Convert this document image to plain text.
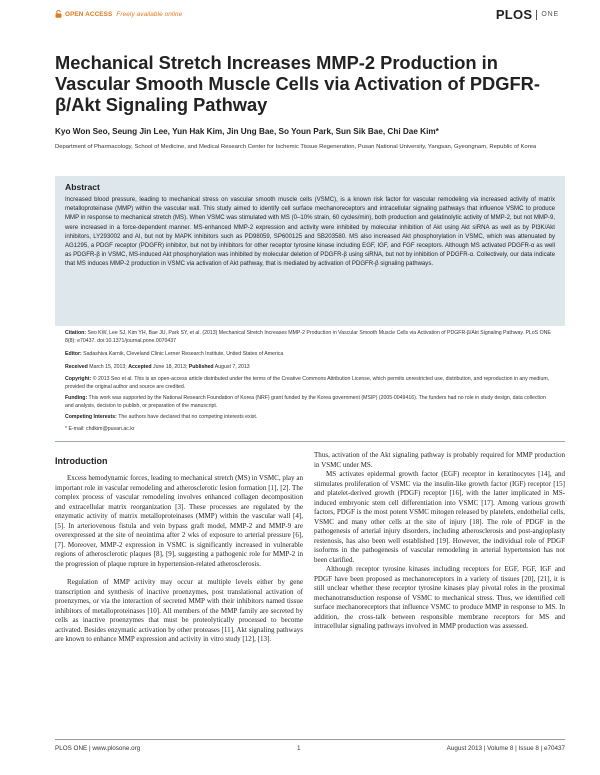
OPEN ACCESS Freely available online	PLOS ONE
Mechanical Stretch Increases MMP-2 Production in Vascular Smooth Muscle Cells via Activation of PDGFR-β/Akt Signaling Pathway
Kyo Won Seo, Seung Jin Lee, Yun Hak Kim, Jin Ung Bae, So Youn Park, Sun Sik Bae, Chi Dae Kim*
Department of Pharmacology, School of Medicine, and Medical Research Center for Ischemic Tissue Regeneration, Pusan National University, Yangsan, Gyeongnam, Republic of Korea
Abstract
Increased blood pressure, leading to mechanical stress on vascular smooth muscle cells (VSMC), is a known risk factor for vascular remodeling via increased activity of matrix metalloproteinase (MMP) within the vascular wall. This study aimed to identify cell surface mechanoreceptors and intracellular signaling pathways that influence VSMC to produce MMP in response to mechanical stretch (MS). When VSMC was stimulated with MS (0–10% strain, 60 cycles/min), both production and gelatinolytic activity of MMP-2, but not MMP-9, were increased in a force-dependent manner. MS-enhanced MMP-2 expression and activity were inhibited by molecular inhibition of Akt using Akt siRNA as well as by PI3K/Akt inhibitors, LY293002 and AI, but not by MAPK inhibitors such as PD98059, SP600125 and SB203580. MS also increased Akt phosphorylation in VSMC, which was attenuated by AG1295, a PDGF receptor (PDGFR) inhibitor, but not by inhibitors for other receptor tyrosine kinase including EGF, IGF, and FGF receptors. Although MS activated PDGFR-α as well as PDGFR-β in VSMC, MS-induced Akt phosphorylation was inhibited by molecular deletion of PDGFR-β using siRNA, but not by inhibition of PDGFR-α. Collectively, our data indicate that MS induces MMP-2 production in VSMC via activation of Akt pathway, that is mediated by activation of PDGFR-β signaling pathways.
Citation: Seo KW, Lee SJ, Kim YH, Bae JU, Park SY, et al. (2013) Mechanical Stretch Increases MMP-2 Production in Vascular Smooth Muscle Cells via Activation of PDGFR-β/Akt Signaling Pathway. PLoS ONE 8(8): e70437. doi:10.1371/journal.pone.0070437
Editor: Sadashiva Karnik, Cleveland Clinic Lerner Research Institute, United States of America
Received March 15, 2013; Accepted June 18, 2013; Published August 7, 2013
Copyright: © 2013 Seo et al. This is an open-access article distributed under the terms of the Creative Commons Attribution License, which permits unrestricted use, distribution, and reproduction in any medium, provided the original author and source are credited.
Funding: This work was supported by the National Research Foundation of Korea (NRF) grant funded by the Korea government (MSIP) (2005-0049416). The funders had no role in study design, data collection and analysis, decision to publish, or preparation of the manuscript.
Competing Interests: The authors have declared that no competing interests exist.
* E-mail: chdkim@pusan.ac.kr
Introduction

Excess hemodynamic forces, leading to mechanical stretch (MS) in VSMC, play an important role in vascular remodeling and atherosclerotic lesion formation [1], [2]. The complex process of vascular remodeling involves enhanced collagen decomposition and extracellular matrix reorganization [3]. These processes are regulated by the enzymatic activity of matrix metalloproteinases (MMP) within the vascular wall [4], [5]. In arteriovenous fistula and vein bypass graft model, MMP-2 and MMP-9 are overexpressed at the site of neointima after 2 wks of exposure to arterial pressure [6], [7]. Moreover, MMP-2 expression in VSMC is significantly increased in vulnerable regions of atherosclerotic plaques [8], [9], suggesting a pathogenic role for MMP-2 in the progression of plaque rupture in hypertension-related atherosclerosis.

Regulation of MMP activity may occur at multiple levels either by gene transcription and synthesis of inactive proenzymes, post translational activation of proenzymes, or via the interaction of secreted MMP with their inhibitors named tissue inhibitors of metalloproteinases [10]. All members of the MMP family are secreted by cells as inactive proenzymes that must be proteolytically processed to become activated. Besides enzymatic activation by other proteases [11], Akt signaling pathways are known to enhance MMP expression and activity in vitro study [12], [13].

Thus, activation of the Akt signaling pathway is probably required for MMP production in VSMC under MS.

MS activates epidermal growth factor (EGF) receptor in keratinocytes [14], and stimulates proliferation of VSMC via the insulin-like growth factor (IGF) receptor [15] and platelet-derived growth (PDGF) receptor [16], with the latter implicated in MS-induced embryonic stem cell differentiation into VSMC [17]. Among various growth factors, PDGF is the most potent VSMC mitogen released by platelets, endothelial cells, VSMC and many other cells at the site of injury [18]. The role of PDGF in the pathogenesis of arterial injury disorders, including atherosclerosis and post-angioplasty restenosis, has also been well established [19]. However, the individual role of PDGF isoforms in the pathogenesis of vascular remodeling in arterial hypertension has not been clarified.

Although receptor tyrosine kinases including receptors for EGF, FGF, IGF and PDGF have been proposed as mechanoreceptors in a variety of tissues [20], [21], it is still unclear whether these receptor tyrosine kinases play pivotal roles in the proximal mechanotransduction response of VSMC to mechanical stress. Thus, we identified cell surface mechanoreceptors that influence VSMC to produce MMP in response to MS. In addition, the cross-talk between responsible membrane receptors for MS and intracellular signaling pathways involved in MMP production was assessed.

PLOS ONE | www.plosone.org	1	August 2013 | Volume 8 | Issue 8 | e70437
